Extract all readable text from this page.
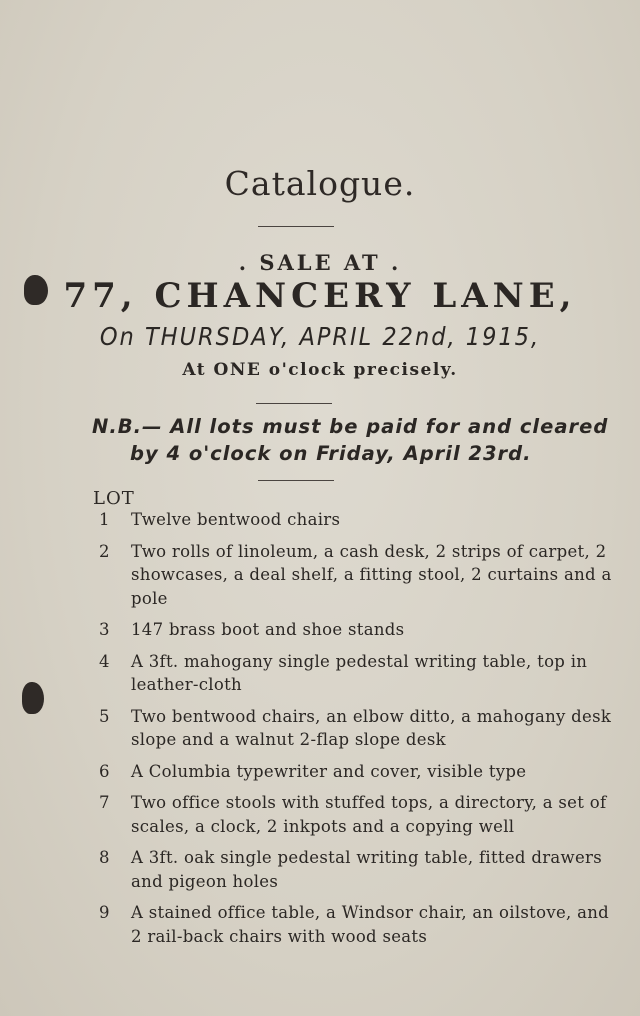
Catalogue.
. SALE AT .
77, CHANCERY LANE,
On THURSDAY, APRIL 22nd, 1915,
At ONE o'clock precisely.
N.B.— All lots must be paid for and cleared
by 4 o'clock on Friday, April 23rd.
LOT
1	Twelve bentwood chairs
2	Two rolls of linoleum, a cash desk, 2 strips of carpet, 2 showcases, a deal shelf, a fitting stool, 2 curtains and a pole
3	147 brass boot and shoe stands
4	A 3ft. mahogany single pedestal writing table, top in leather-cloth
5	Two bentwood chairs, an elbow ditto, a mahogany desk slope and a walnut 2-flap slope desk
6	A Columbia typewriter and cover, visible type
7	Two office stools with stuffed tops, a directory, a set of scales, a clock, 2 inkpots and a copying well
8	A 3ft. oak single pedestal writing table, fitted drawers and pigeon holes
9	A stained office table, a Windsor chair, an oilstove, and 2 rail-back chairs with wood seats
